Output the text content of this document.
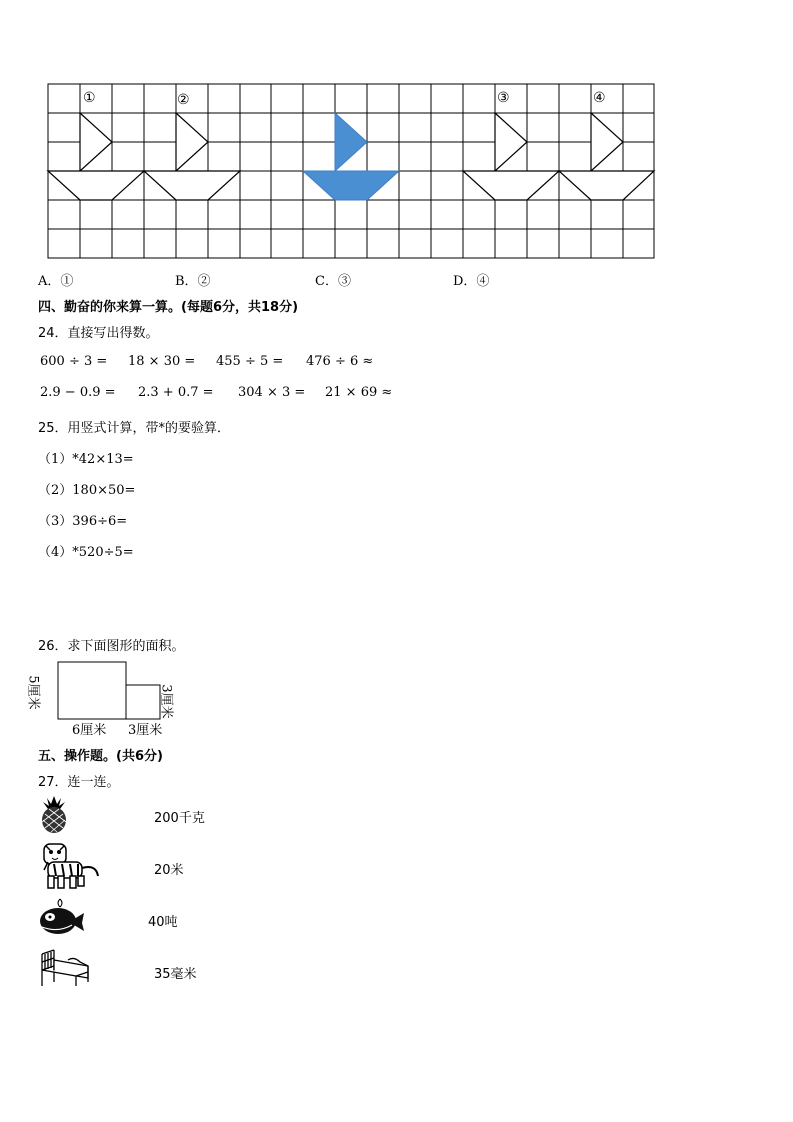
①	②	③	④
A．①	B．②	C．③	D．④
四、勤奋的你来算一算。(每题6分，共18分)
24．直接写出得数。
600 ÷ 3 = 18 × 30 = 455 ÷ 5 = 476 ÷ 6 ≈
2.9 − 0.9 = 2.3 + 0.7 = 304 × 3 = 21 × 69 ≈
25．用竖式计算，带*的要验算．
（1）*42×13=
（2）180×50=
（3）396÷6=
（4）*520÷5=
26．求下面图形的面积。
5厘米
6厘米 3厘米
3厘米
五、操作题。(共6分)
27．连一连。
200千克
20米
40吨
35毫米
